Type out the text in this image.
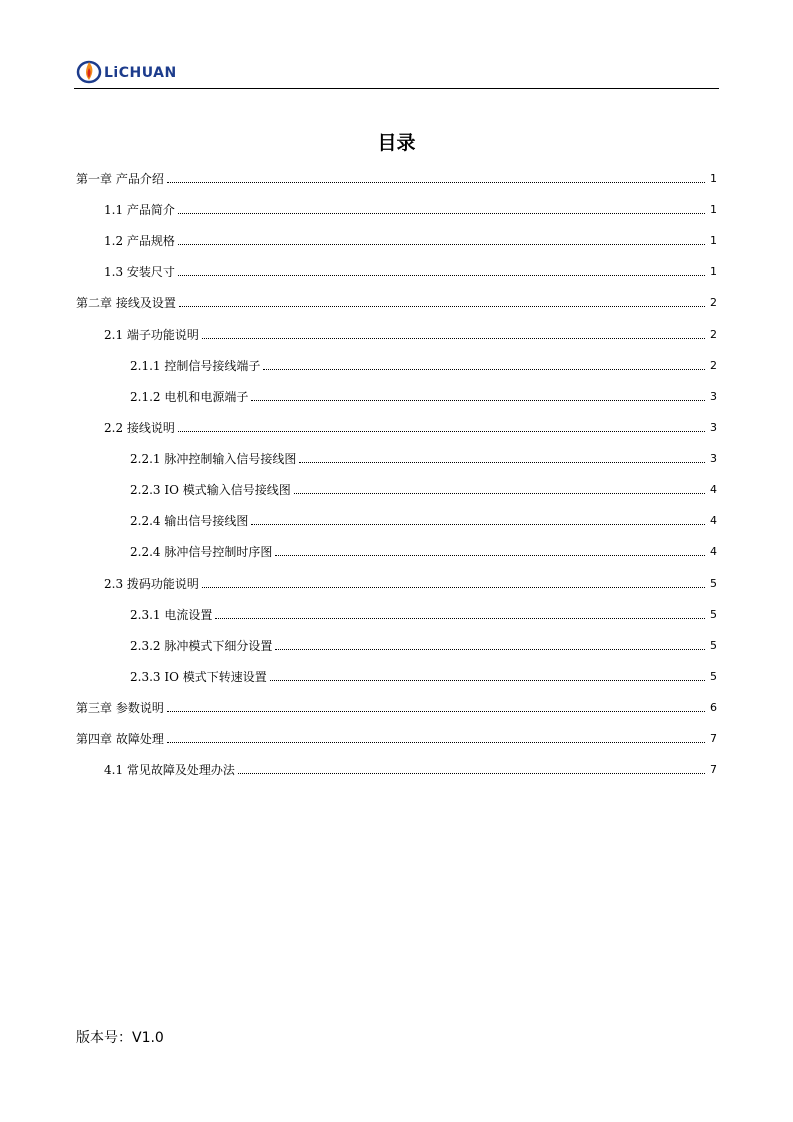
LiCHUAN
目录
第一章 产品介绍	1
1.1 产品简介	1
1.2 产品规格	1
1.3 安装尺寸	1
第二章 接线及设置	2
2.1 端子功能说明	2
2.1.1 控制信号接线端子	2
2.1.2 电机和电源端子	3
2.2 接线说明	3
2.2.1 脉冲控制输入信号接线图	3
2.2.3 IO 模式输入信号接线图	4
2.2.4 输出信号接线图	4
2.2.4 脉冲信号控制时序图	4
2.3 拨码功能说明	5
2.3.1 电流设置	5
2.3.2 脉冲模式下细分设置	5
2.3.3 IO 模式下转速设置	5
第三章 参数说明	6
第四章 故障处理	7
4.1 常见故障及处理办法	7
版本号：V1.0
